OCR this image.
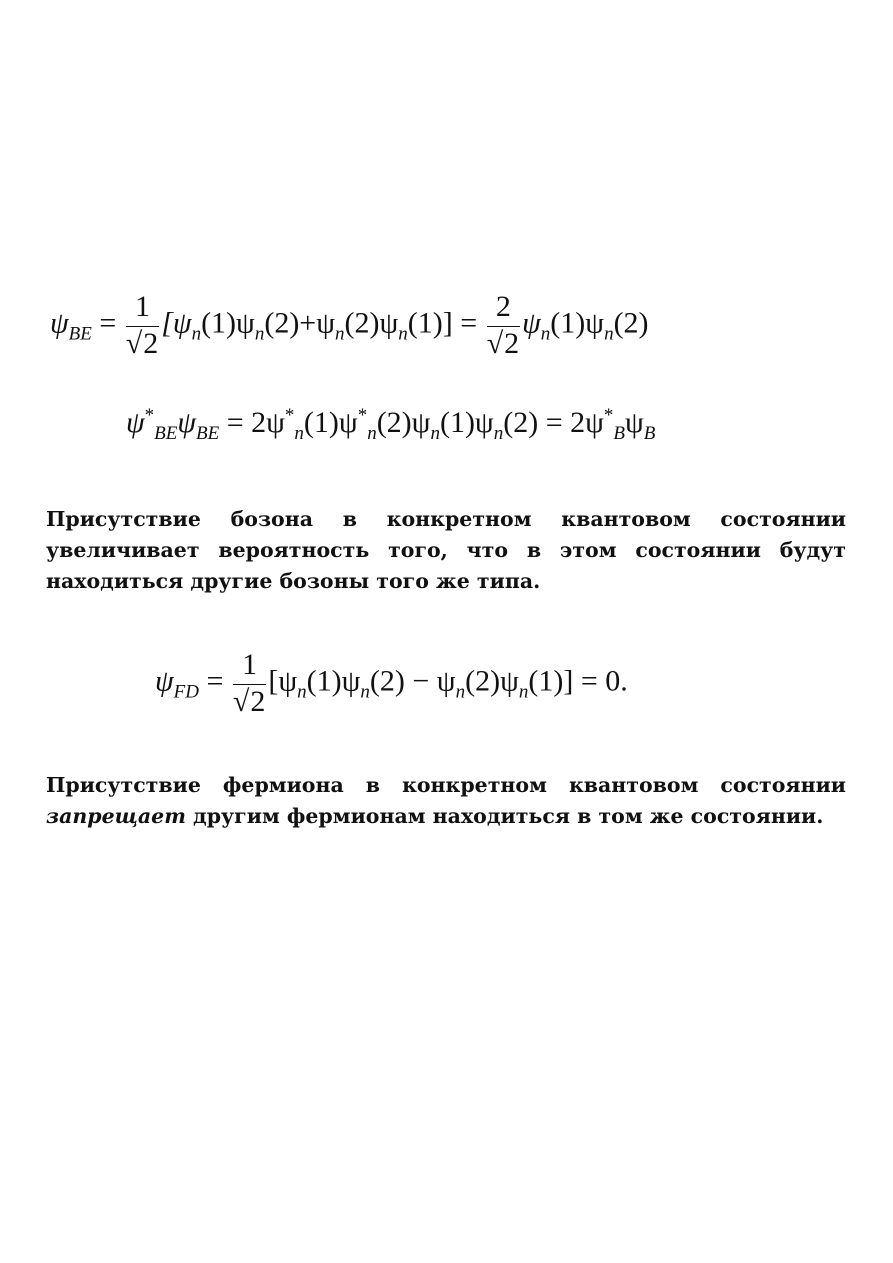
$\psi_{BE} = \frac{1}{√2} [\psi_n(1)\psi_n(2)+\psi_n(2)\psi_n(1)] = \frac{2}{√2} \psi_n(1)\psi_n(2)$
$\psi^*_{BE}\psi_{BE} = 2\psi^*_n(1)\psi^*_n(2)\psi_n(1)\psi_n(2) = 2\psi^*_B\psi_B$
Присутствие бозона в конкретном квантовом состоянии увеличивает вероятность того, что в этом состоянии будут находиться другие бозоны того же типа.
$\psi_{FD} = \frac{1}{√2} [\psi_n(1)\psi_n(2) - \psi_n(2)\psi_n(1)] = 0$.
Присутствие фермиона в конкретном квантовом состоянии запрещает другим фермионам находиться в том же состоянии.
